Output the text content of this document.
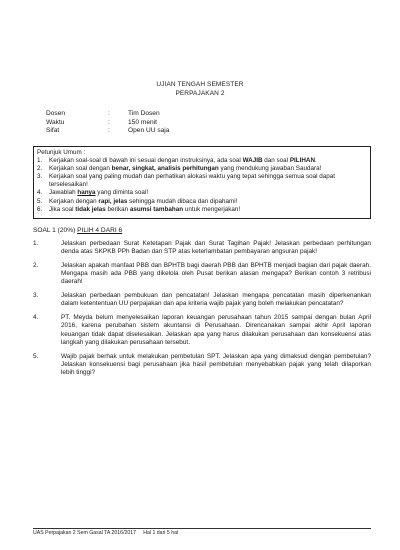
UJIAN TENGAH SEMESTER
PERPAJAKAN 2
Dosen	:	Tim Dosen
Waktu	:	150 menit
Sifat	:	Open UU saja
Petunjuk Umum :
1.	Kerjakan soal-soal di bawah ini sesuai dengan instruksinya, ada soal WAJIB dan soal PILIHAN.
2.	Kerjakan soal dengan benar, singkat, analisis perhitungan yang mendukung jawaban Saudara!
3.	Kerjakan soal yang paling mudah dan perhatikan alokasi waktu yang tepat sehingga semua soal dapat terselesaikan!
4.	Jawablah hanya yang diminta soal!
5.	Kerjakan dengan rapi, jelas sehingga mudah dibaca dan dipahami!
6.	Jika soal tidak jelas berikan asumsi tambahan untuk mengerjakan!
SOAL 1 (20%) PILIH 4 DARI 6
1.	Jelaskan perbedaan Surat Ketetapan Pajak dan Surat Tagihan Pajak! Jelaskan perbedaan perhitungan denda atas SKPKB PPh Badan dan STP atas keterlambatan pembayaran angsuran pajak!
2.	Jelaskan apakah manfaat PBB dan BPHTB bagi daerah PBB dan BPHTB menjadi bagian dari pajak daerah. Mengapa masih ada PBB yang dikelola oleh Pusat berikan alasan mengapa? Berikan contoh 3 retribusi daerah!
3.	Jelaskan perbedaan pembukuan dan pencatatan! Jelaskan mengapa pencatatan masih diperkenankan dalam ketententuan UU perpajakan dan apa kriteria wajib pajak yang boleh melakukan pencatatan?
4.	PT. Meyda belum menyelesaikan laporan keuangan perusahaan tahun 2015 sampai dengan bulan April 2016, karena perubahan sistem akuntansi di Perusahaan. Direncanakan sampai akhir April laporan keuangan tidak dapat diselesaikan. Jelaskan apa yang harus dilakukan perusahaan dan konsekuensi atas langkah yang dilakukan perusahaan tersebut.
5.	Wajib pajak berhak untuk melakukan pembetulan SPT. Jelaskan apa yang dimaksud dengan pembetulan? Jelaskan konsekuensi bagi perusahaan jika hasil pembetulan menyebabkan pajak yang telah dilaporkan lebih tinggi?
UAS Perpajakan 2 Sem Gasal TA 2016/2017     Hal 1 dari 5 hal
